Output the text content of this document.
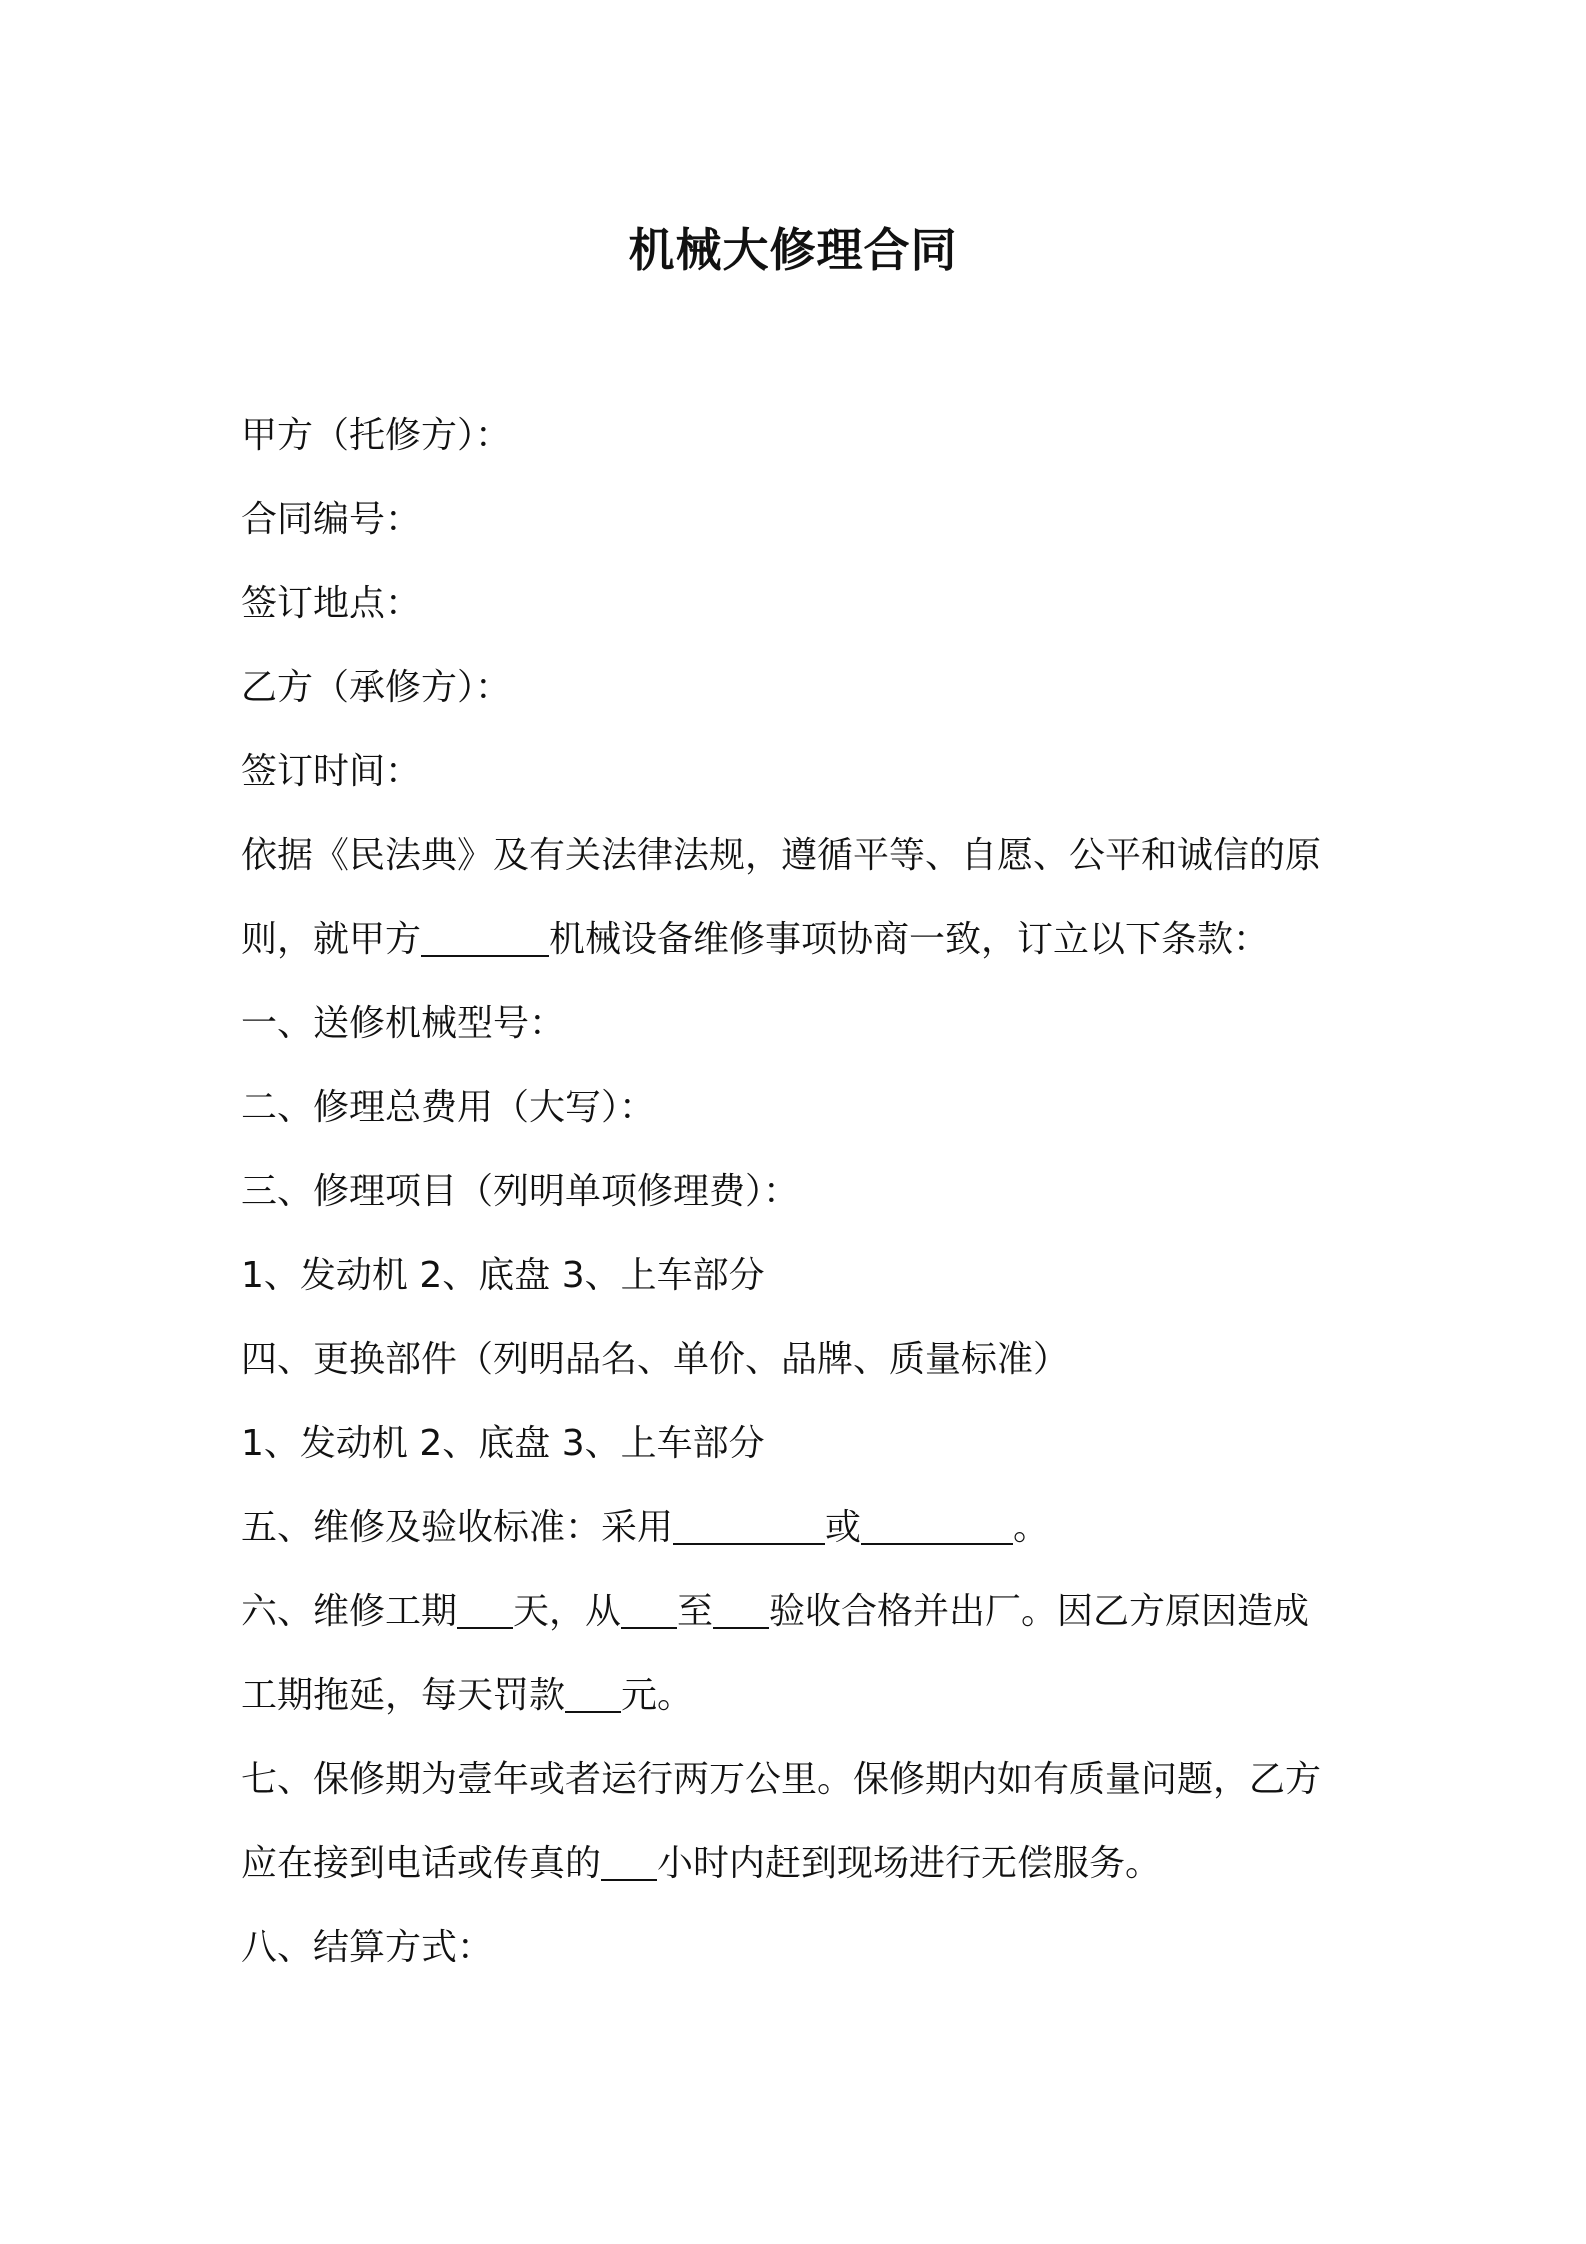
机械大修理合同
甲方（托修方）：
合同编号：
签订地点：
乙方（承修方）：
签订时间：
依据《民法典》及有关法律法规，遵循平等、自愿、公平和诚信的原
则，就甲方	机械设备维修事项协商一致，订立以下条款：
一、送修机械型号：
二、修理总费用（大写）：
三、修理项目（列明单项修理费）：
1、发动机 2、底盘 3、上车部分
四、更换部件（列明品名、单价、品牌、质量标准）
1、发动机 2、底盘 3、上车部分
五、维修及验收标准：采用	或	。
六、维修工期 天，从 至 验收合格并出厂。因乙方原因造成
工期拖延，每天罚款 元。
七、保修期为壹年或者运行两万公里。保修期内如有质量问题，乙方
应在接到电话或传真的 小时内赶到现场进行无偿服务。
八、结算方式：
